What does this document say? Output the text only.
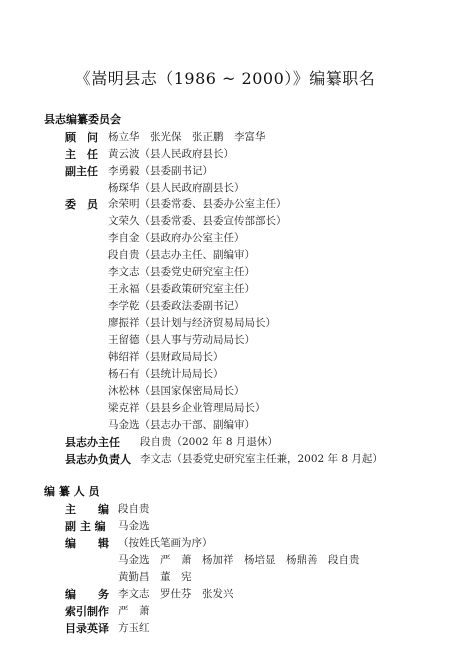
《嵩明县志（1986 ~ 2000）》编纂职名
县志编纂委员会
顾　问 杨立华　张光保　张正鹏　李富华
主　任 黄云波（县人民政府县长）
副主任 李勇毅（县委副书记）
杨琛华（县人民政府副县长）
委　员 余荣明（县委常委、县委办公室主任）
文荣久（县委常委、县委宣传部部长）
李自金（县政府办公室主任）
段自贵（县志办主任、副编审）
李文志（县委党史研究室主任）
王永福（县委政策研究室主任）
李学乾（县委政法委副书记）
廖振祥（县计划与经济贸易局局长）
王留德（县人事与劳动局局长）
韩绍祥（县财政局局长）
杨石有（县统计局局长）
沐松林（县国家保密局局长）
梁克祥（县县乡企业管理局局长）
马金选（县志办干部、副编审）
县志办主任 段自贵（2002 年 8 月退休）
县志办负责人 李文志（县委党史研究室主任兼，2002 年 8 月起）
编 纂 人 员
主　　编 段自贵
副 主 编 马金选
编　　辑 （按姓氏笔画为序）
马金选　严　萧　杨加祥　杨培显　杨鼎善　段自贵
黄勤昌　董　宪
编　　务 李文志　罗仕芬　张发兴
索引制作 严　萧
目录英译 方玉红
